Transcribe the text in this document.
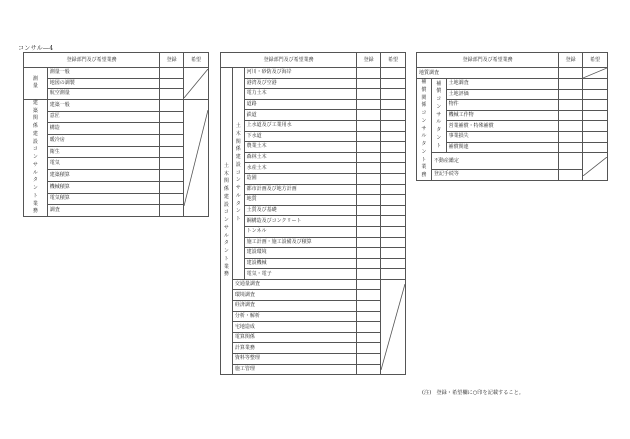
コンサル―4
登録部門及び希望業務		登録	希望
測量	測量一般		

	地図の調製		
	航空測量		
建築関係建設コンサルタント業務	建築一般		

	意匠		
	構造		
	暖冷房		
	衛生		
	電気		
	建築積算		
	機械積算		
	電気積算		
	調査		
登録部門及び希望業務			登録	希望
土木関係建設コンサルタント業務	土木関係建設コンサルタント	河川・砂防及び海岸		
		港湾及び空港		
		電力土木		
		道路		
		鉄道		
		上水道及び工業用水		
		下水道		
		農業土木		
		森林土木		
		水産土木		
		造園		
		都市計画及び地方計画		
		地質		
		土質及び基礎		
		鋼構造及びコンクリート		
		トンネル		
		施工計画・施工設備及び積算		
		建設環境		
		建設機械		
		電気・電子		
	交通量調査		

	環境調査			
	経済調査			
	分析・解析			
	宅地造成			
	電算関係			
	計算業務			
	資料等整理			
	施工管理			
登録部門及び希望業務			登録	希望
地質調査		

補償関係コンサルタント業務	補償コンサルタント	土地調査		
		土地評価		
		物件		
		機械工作物		
		営業補償・特殊補償		
		事業損失		
		補償関連		
	不動産鑑定		

	登記手続等			
(注)　登録・希望欄に○印を記載すること。
